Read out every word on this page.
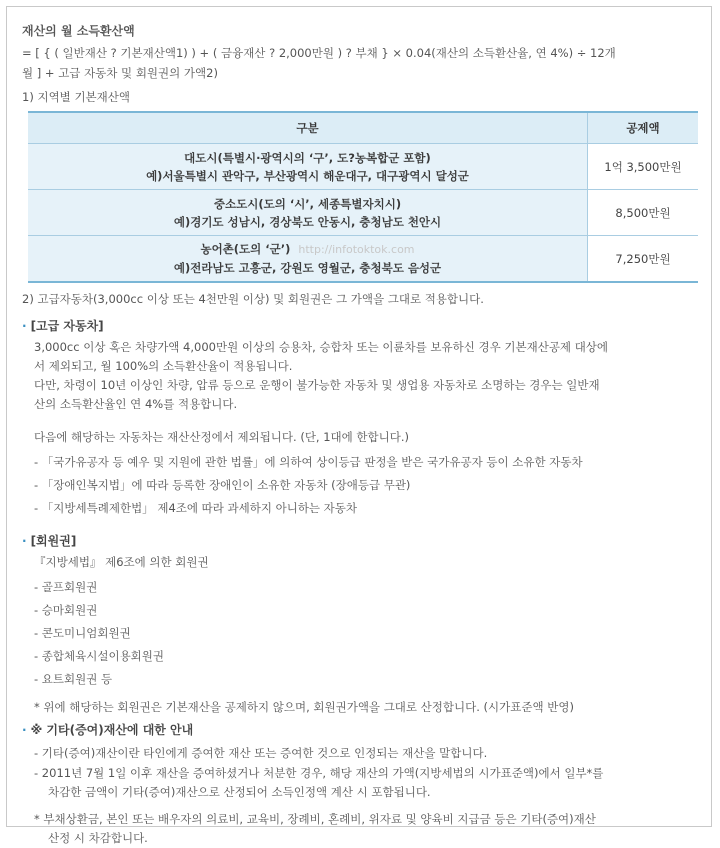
재산의 월 소득환산액

= [ { ( 일반재산 ? 기본재산액1) ) + ( 금융재산 ? 2,000만원 ) ? 부채 } × 0.04(재산의 소득환산율, 연 4%) ÷ 12개

월 ] + 고급 자동차 및 회원권의 가액2)

1) 지역별 기본재산액
구분	공제액

대도시(특별시·광역시의 ‘구’, 도?농복합군 포함)
예)서울특별시 관악구, 부산광역시 해운대구, 대구광역시 달성군	1억 3,500만원

중소도시(도의 ‘시’, 세종특별자치시)
예)경기도 성남시, 경상북도 안동시, 충청남도 천안시	8,500만원

농어촌(도의 ‘군’) http://infotoktok.com
예)전라남도 고흥군, 강원도 영월군, 충청북도 음성군	7,250만원
2) 고급자동차(3,000cc 이상 또는 4천만원 이상) 및 회원권은 그 가액을 그대로 적용합니다.
· [고급 자동차]

3,000cc 이상 혹은 차량가액 4,000만원 이상의 승용차, 승합차 또는 이륜차를 보유하신 경우 기본재산공제 대상에

서 제외되고, 월 100%의 소득환산율이 적용됩니다.

다만, 차령이 10년 이상인 차량, 압류 등으로 운행이 불가능한 자동차 및 생업용 자동차로 소명하는 경우는 일반재

산의 소득환산율인 연 4%를 적용합니다.

다음에 해당하는 자동차는 재산산정에서 제외됩니다. (단, 1대에 한합니다.)

- 「국가유공자 등 예우 및 지원에 관한 법률」에 의하여 상이등급 판정을 받은 국가유공자 등이 소유한 자동차
- 「장애인복지법」에 따라 등록한 장애인이 소유한 자동차 (장애등급 무관)
- 「지방세특례제한법」 제4조에 따라 과세하지 아니하는 자동차
· [회원권]

『지방세법』 제6조에 의한 회원권

- 골프회원권
- 승마회원권
- 콘도미니엄회원권
- 종합체육시설이용회원권
- 요트회원권 등
* 위에 해당하는 회원권은 기본재산을 공제하지 않으며, 회원권가액을 그대로 산정합니다. (시가표준액 반영)
· ※ 기타(증여)재산에 대한 안내

- 기타(증여)재산이란 타인에게 증여한 재산 또는 증여한 것으로 인정되는 재산을 말합니다.

- 2011년 7월 1일 이후 재산을 증여하셨거나 처분한 경우, 해당 재산의 가액(지방세법의 시가표준액)에서 일부*를

차감한 금액이 기타(증여)재산으로 산정되어 소득인정액 계산 시 포함됩니다.

* 부채상환금, 본인 또는 배우자의 의료비, 교육비, 장례비, 혼례비, 위자료 및 양육비 지급금 등은 기타(증여)재산

산정 시 차감합니다.
